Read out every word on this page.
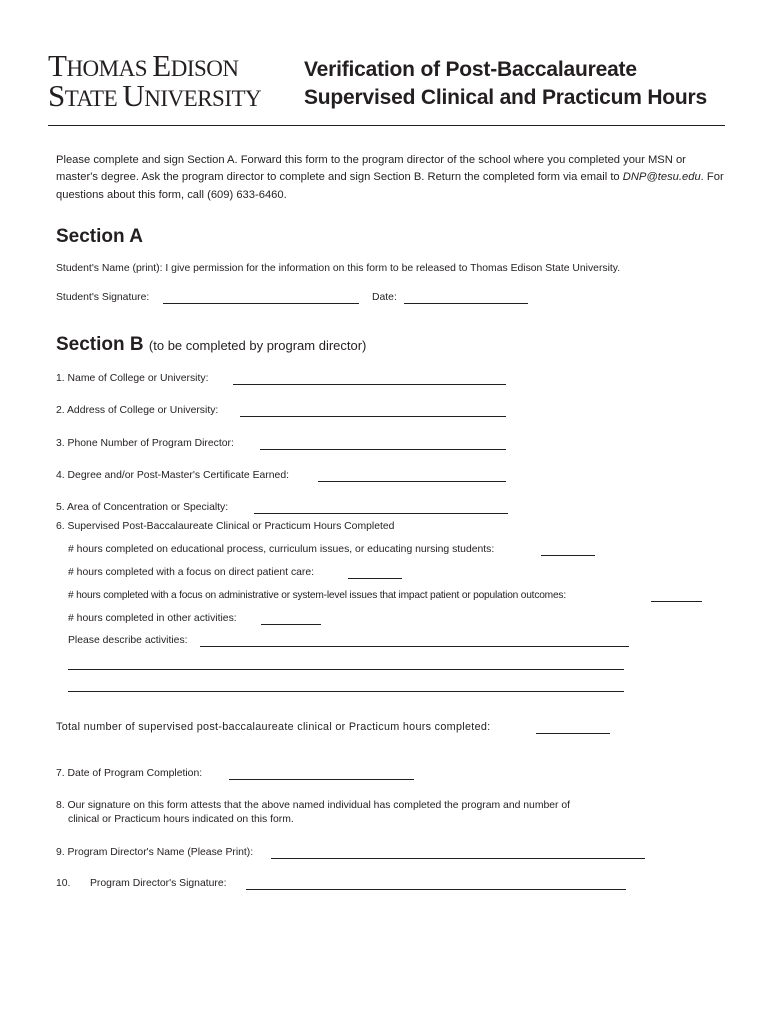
THOMAS EDISON
STATE UNIVERSITY
Verification of Post-Baccalaureate
Supervised Clinical and Practicum Hours
Please complete and sign Section A. Forward this form to the program director of the school where you completed your MSN or master's degree. Ask the program director to complete and sign Section B. Return the completed form via email to DNP@tesu.edu. For questions about this form, call (609) 633-6460.
Section A
Student's Name (print): I give permission for the information on this form to be released to Thomas Edison State University.
Student's Signature:	Date:
Section B (to be completed by program director)
1. Name of College or University:
2. Address of College or University:
3. Phone Number of Program Director:
4. Degree and/or Post-Master's Certificate Earned:
5. Area of Concentration or Specialty:
6. Supervised Post-Baccalaureate Clinical or Practicum Hours Completed
# hours completed on educational process, curriculum issues, or educating nursing students:
# hours completed with a focus on direct patient care:
# hours completed with a focus on administrative or system-level issues that impact patient or population outcomes:
# hours completed in other activities:
Please describe activities:
Total number of supervised post-baccalaureate clinical or Practicum hours completed:
7. Date of Program Completion:
8. Our signature on this form attests that the above named individual has completed the program and number of
clinical or Practicum hours indicated on this form.
9. Program Director's Name (Please Print):
10. Program Director's Signature:
